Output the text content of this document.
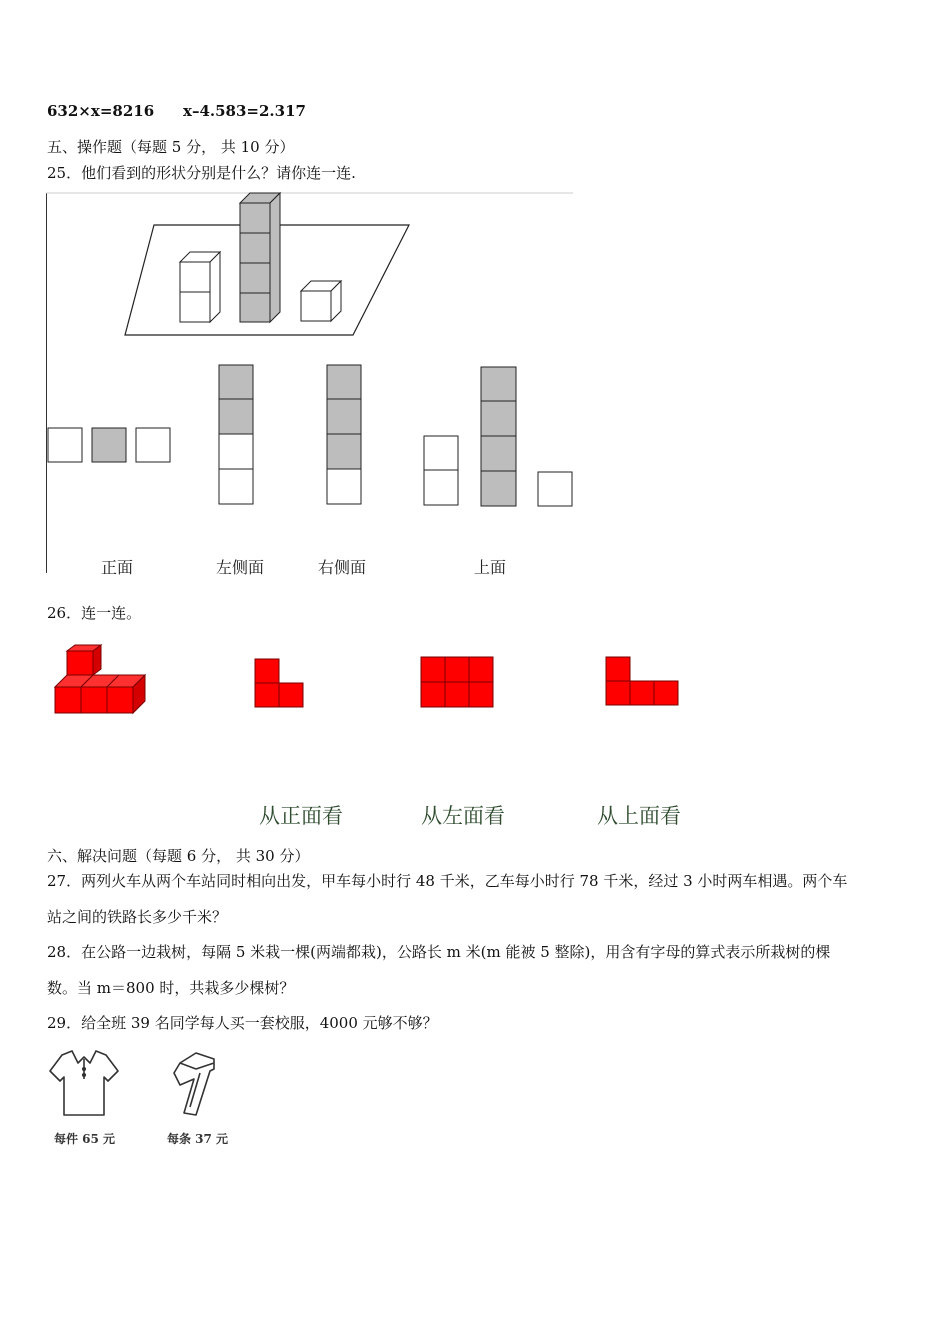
632×x=8216 x–4.583=2.317
五、操作题（每题 5 分， 共 10 分）
25．他们看到的形状分别是什么？请你连一连.
正面	左侧面	右侧面	上面
26．连一连。
从正面看	从左面看	从上面看
六、解决问题（每题 6 分， 共 30 分）
27．两列火车从两个车站同时相向出发，甲车每小时行 48 千米，乙车每小时行 78 千米，经过 3 小时两车相遇。两个车
站之间的铁路长多少千米？
28．在公路一边栽树，每隔 5 米栽一棵(两端都栽)，公路长 m 米(m 能被 5 整除)，用含有字母的算式表示所栽树的棵
数。当 m＝800 时，共栽多少棵树？
29．给全班 39 名同学每人买一套校服，4000 元够不够？
每件 65 元	每条 37 元
